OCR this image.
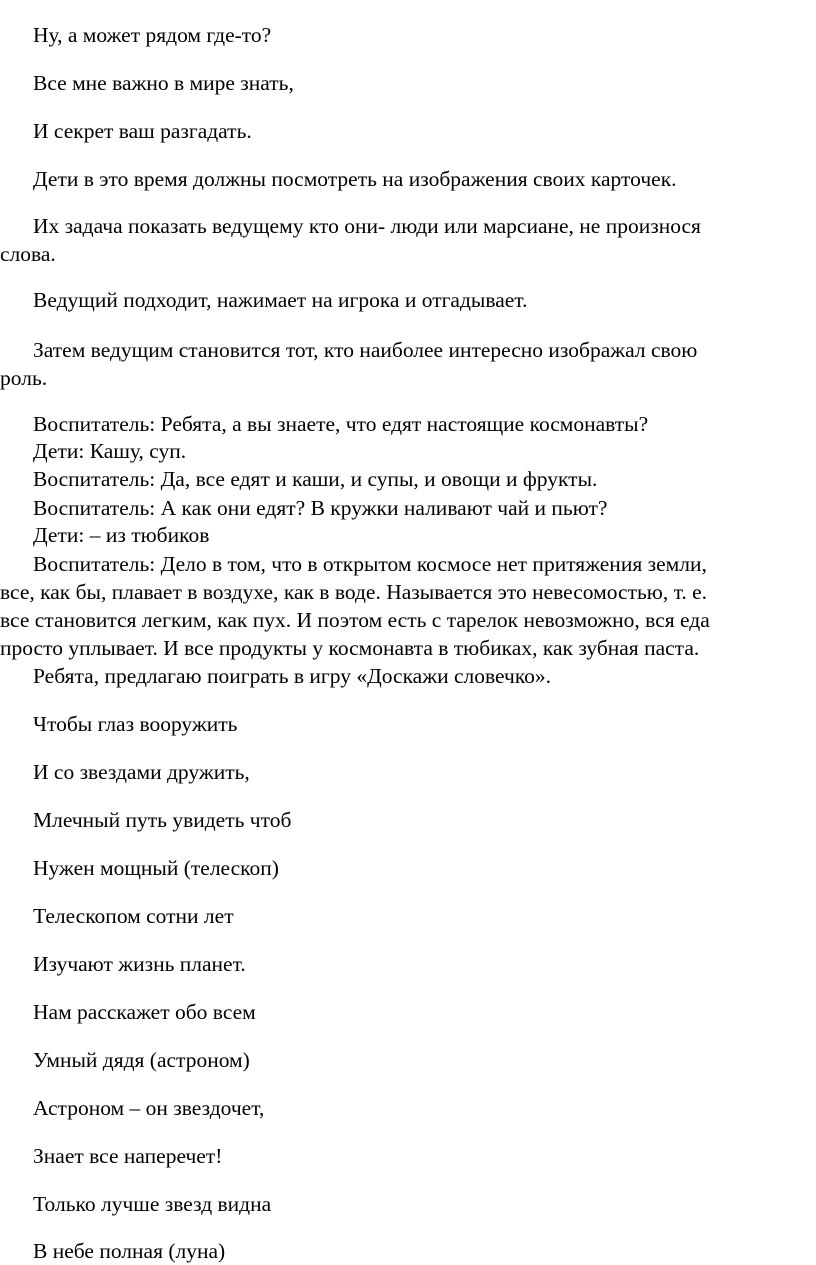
Ну, а может рядом где-то?

Все мне важно в мире знать,

И секрет ваш разгадать.

Дети в это время должны посмотреть на изображения своих карточек.

Их задача показать ведущему кто они- люди или марсиане, не произнося

слова.

Ведущий подходит, нажимает на игрока и отгадывает.

Затем ведущим становится тот, кто наиболее интересно изображал свою

роль.

Воспитатель: Ребята, а вы знаете, что едят настоящие космонавты?

Дети: Кашу, суп.

Воспитатель: Да, все едят и каши, и супы, и овощи и фрукты.

Воспитатель: А как они едят? В кружки наливают чай и пьют?

Дети: – из тюбиков

Воспитатель: Дело в том, что в открытом космосе нет притяжения земли,

все, как бы, плавает в воздухе, как в воде. Называется это невесомостью, т. е.

все становится легким, как пух. И поэтом есть с тарелок невозможно, вся еда

просто уплывает. И все продукты у космонавта в тюбиках, как зубная паста.

Ребята, предлагаю поиграть в игру «Доскажи словечко».

Чтобы глаз вооружить

И со звездами дружить,

Млечный путь увидеть чтоб

Нужен мощный (телескоп)

Телескопом сотни лет

Изучают жизнь планет.

Нам расскажет обо всем

Умный дядя (астроном)

Астроном – он звездочет,

Знает все наперечет!

Только лучше звезд видна

В небе полная (луна)
